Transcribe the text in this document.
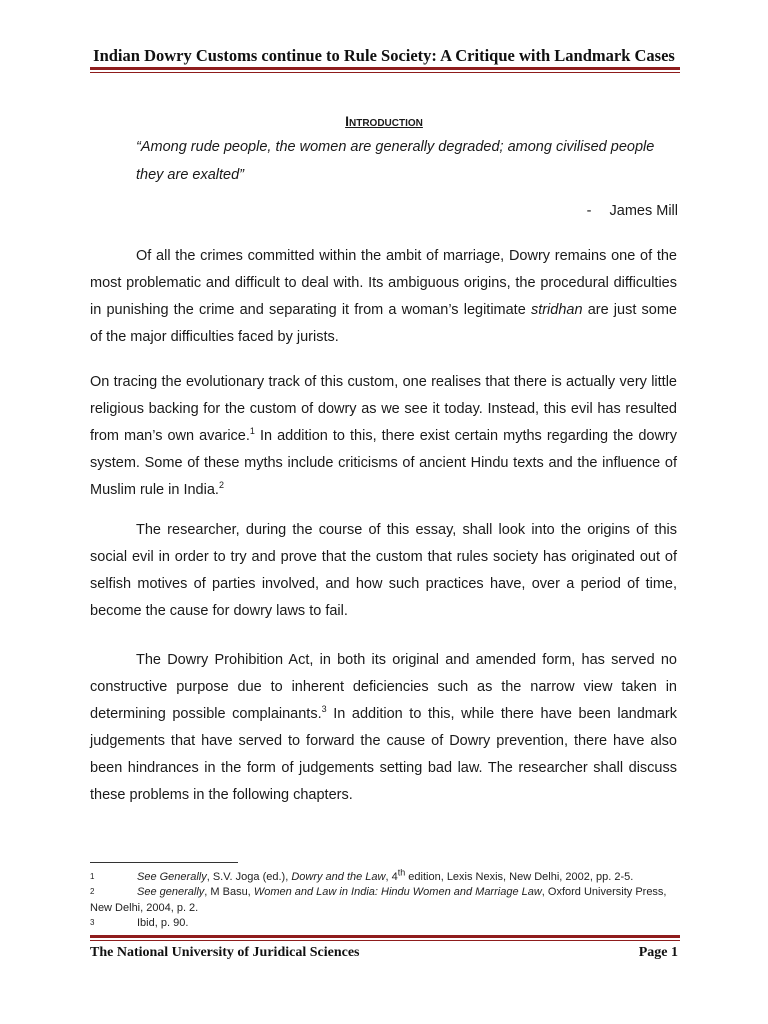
Indian Dowry Customs continue to Rule Society: A Critique with Landmark Cases
Introduction
“Among rude people, the women are generally degraded; among civilised people they are exalted”
- James Mill

Of all the crimes committed within the ambit of marriage, Dowry remains one of the most problematic and difficult to deal with. Its ambiguous origins, the procedural difficulties in punishing the crime and separating it from a woman’s legitimate stridhan are just some of the major difficulties faced by jurists.

On tracing the evolutionary track of this custom, one realises that there is actually very little religious backing for the custom of dowry as we see it today. Instead, this evil has resulted from man’s own avarice.$^1$ In addition to this, there exist certain myths regarding the dowry system. Some of these myths include criticisms of ancient Hindu texts and the influence of Muslim rule in India.$^2$

The researcher, during the course of this essay, shall look into the origins of this social evil in order to try and prove that the custom that rules society has originated out of selfish motives of parties involved, and how such practices have, over a period of time, become the cause for dowry laws to fail.

The Dowry Prohibition Act, in both its original and amended form, has served no constructive purpose due to inherent deficiencies such as the narrow view taken in determining possible complainants.$^3$ In addition to this, while there have been landmark judgements that have served to forward the cause of Dowry prevention, there have also been hindrances in the form of judgements setting bad law. The researcher shall discuss these problems in the following chapters.

1	See Generally, S.V. Joga (ed.), Dowry and the Law, 4th edition, Lexis Nexis, New Delhi, 2002, pp. 2-5.
2	See generally, M Basu, Women and Law in India: Hindu Women and Marriage Law, Oxford University Press, New Delhi, 2004, p. 2.
3	Ibid, p. 90.
The National University of Juridical Sciences	Page 1
